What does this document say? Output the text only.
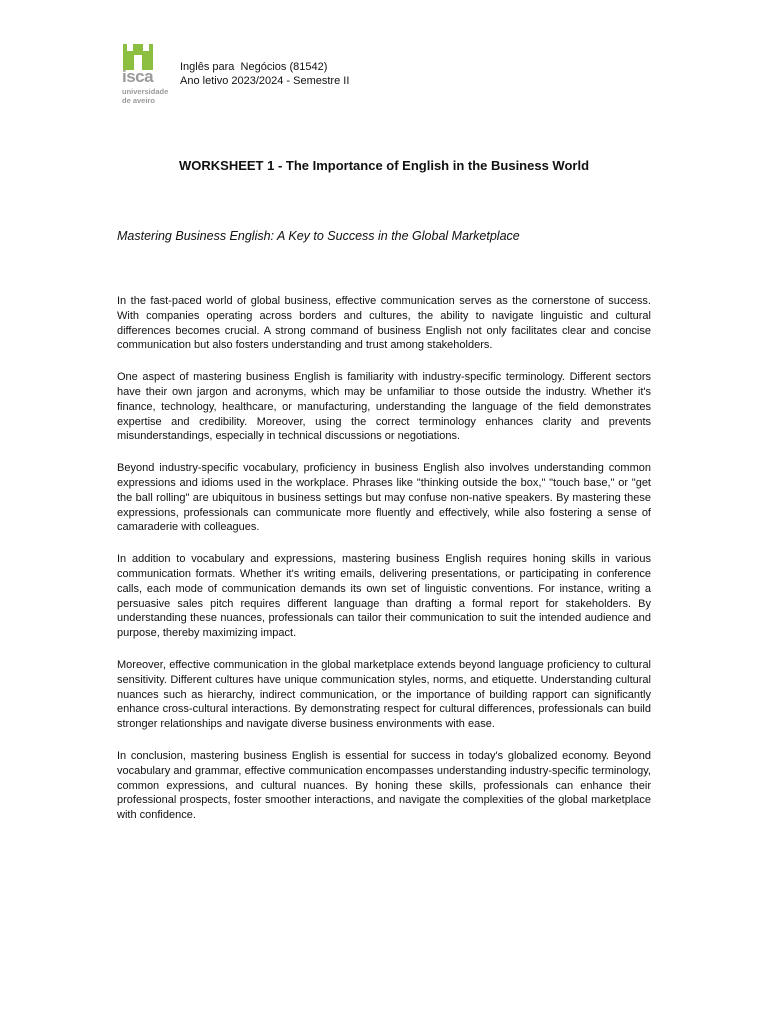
isca
universidade
de aveiro
Inglês para  Negócios (81542)
Ano letivo 2023/2024 - Semestre II
WORKSHEET 1 - The Importance of English in the Business World
Mastering Business English: A Key to Success in the Global Marketplace

In the fast-paced world of global business, effective communication serves as the cornerstone of success. With companies operating across borders and cultures, the ability to navigate linguistic and cultural differences becomes crucial. A strong command of business English not only facilitates clear and concise communication but also fosters understanding and trust among stakeholders.

One aspect of mastering business English is familiarity with industry-specific terminology. Different sectors have their own jargon and acronyms, which may be unfamiliar to those outside the industry. Whether it's finance, technology, healthcare, or manufacturing, understanding the language of the field demonstrates expertise and credibility. Moreover, using the correct terminology enhances clarity and prevents misunderstandings, especially in technical discussions or negotiations.

Beyond industry-specific vocabulary, proficiency in business English also involves understanding common expressions and idioms used in the workplace. Phrases like "thinking outside the box," "touch base," or "get the ball rolling" are ubiquitous in business settings but may confuse non-native speakers. By mastering these expressions, professionals can communicate more fluently and effectively, while also fostering a sense of camaraderie with colleagues.

In addition to vocabulary and expressions, mastering business English requires honing skills in various communication formats. Whether it's writing emails, delivering presentations, or participating in conference calls, each mode of communication demands its own set of linguistic conventions. For instance, writing a persuasive sales pitch requires different language than drafting a formal report for stakeholders. By understanding these nuances, professionals can tailor their communication to suit the intended audience and purpose, thereby maximizing impact.

Moreover, effective communication in the global marketplace extends beyond language proficiency to cultural sensitivity. Different cultures have unique communication styles, norms, and etiquette. Understanding cultural nuances such as hierarchy, indirect communication, or the importance of building rapport can significantly enhance cross-cultural interactions. By demonstrating respect for cultural differences, professionals can build stronger relationships and navigate diverse business environments with ease.

In conclusion, mastering business English is essential for success in today's globalized economy. Beyond vocabulary and grammar, effective communication encompasses understanding industry-specific terminology, common expressions, and cultural nuances. By honing these skills, professionals can enhance their professional prospects, foster smoother interactions, and navigate the complexities of the global marketplace with confidence.
